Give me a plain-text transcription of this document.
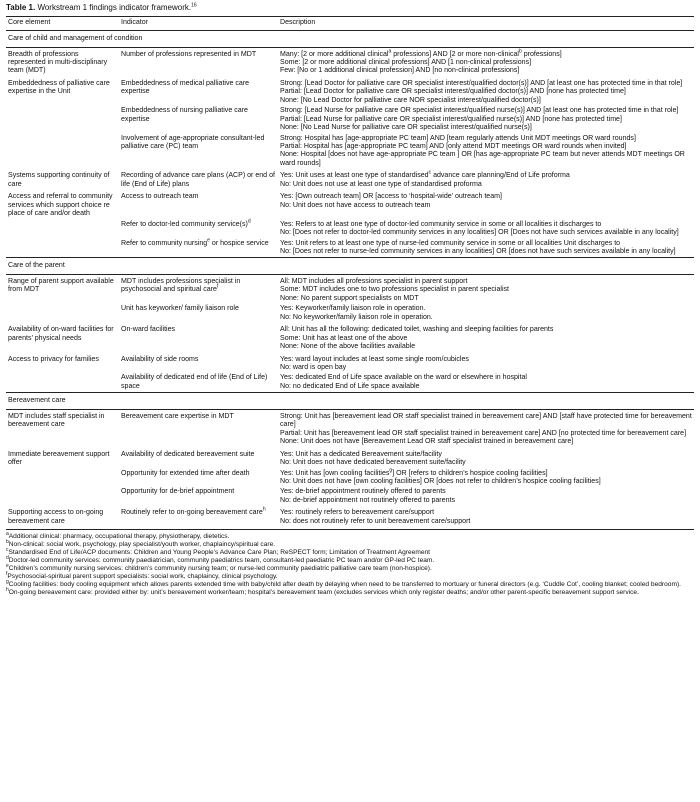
Table 1. Workstream 1 findings indicator framework.$^{16}$
Core element	Indicator	Description
Care of child and management of condition		
Breadth of professions represented in multi-disciplinary team (MDT)	Number of professions represented in MDT	Many: [2 or more additional clinical$^a$ professions] AND [2 or more non-clinical$^b$ professions]
Some: [2 or more additional clinical professions] AND [1 non-clinical professions]
Few: [No or 1 additional clinical profession] AND [no non-clinical professions]

Embeddedness of palliative care expertise in the Unit	Embeddedness of medical palliative care expertise	Strong: [Lead Doctor for palliative care OR specialist interest/qualified doctor(s)] AND [at least one has protected time in that role]
Partial: [Lead Doctor for palliative care OR specialist interest/qualified doctor(s)] AND [none has protected time]
None: [No Lead Doctor for palliative care NOR specialist interest/qualified doctor(s)]

	Embeddedness of nursing palliative care expertise	Strong: [Lead Nurse for palliative care OR specialist interest/qualified nurse(s)] AND [at least one has protected time in that role]
Partial: [Lead Nurse for palliative care OR specialist interest/qualified nurse(s)] AND [none has protected time]
None: [No Lead Nurse for palliative care OR specialist interest/qualified nurse(s)]

	Involvement of age-appropriate consultant-led palliative care (PC) team	Strong: Hospital has [age-appropriate PC team] AND [team regularly attends Unit MDT meetings OR ward rounds]
Partial: Hospital has [age-appropriate PC team] AND [only attend MDT meetings OR ward rounds when invited]
None: Hospital [does not have age-appropriate PC team ] OR [has age-appropriate PC team but never attends MDT meetings OR ward rounds]

Systems supporting continuity of care	Recording of advance care plans (ACP) or end of life (End of Life) plans	Yes: Unit uses at least one type of standardised$^c$ advance care planning/End of Life proforma
No: Unit does not use at least one type of standardised proforma

Access and referral to community services which support choice re place of care and/or death	Access to outreach team	Yes: [Own outreach team] OR [access to ‘hospital-wide’ outreach team]
No: Unit does not have access to outreach team

	Refer to doctor-led community $service(s)^d$	Yes: Refers to at least one type of doctor-led community service in some or all localities it discharges to
No: [Does not refer to doctor-led community services in any localities] OR [Does not have such services available in any locality]

	Refer to community nursing$^e$ or hospice service	Yes: Unit refers to at least one type of nurse-led community service in some or all localities Unit discharges to
No: [Does not refer to nurse-led community services in any localities] OR [does not have such services available in any locality]

Care of the parent		
Range of parent support available from MDT	MDT includes professions specialist in psychosocial and spiritual care$^f$	All: MDT includes all professions specialist in parent support
Some: MDT includes one to two professions specialist in parent specialist
None: No parent support specialists on MDT

	Unit has keyworker/ family liaison role	Yes: Keyworker/family liaison role in operation.
No: No keyworker/family liaison role in operation.

Availability of on-ward facilities for parents’ physical needs	On-ward facilities	All: Unit has all the following: dedicated toilet, washing and sleeping facilities for parents
Some: Unit has at least one of the above
None: None of the above facilities available

Access to privacy for families	Availability of side rooms	Yes: ward layout includes at least some single room/cubicles
No: ward is open bay

	Availability of dedicated end of life (End of Life) space	Yes: dedicated End of Life space available on the ward or elsewhere in hospital
No: no dedicated End of Life space available

Bereavement care		
MDT includes staff specialist in bereavement care	Bereavement care expertise in MDT	Strong: Unit has [bereavement lead OR staff specialist trained in bereavement care] AND [staff have protected time for bereavement care]
Partial: Unit has [bereavement lead OR staff specialist trained in bereavement care] AND [no protected time for bereavement care]
None: Unit does not have [Bereavement Lead OR staff specialist trained in bereavement care]

Immediate bereavement support offer	Availability of dedicated bereavement suite	Yes: Unit has a dedicated Bereavement suite/facility
No: Unit does not have dedicated bereavement suite/facility

	Opportunity for extended time after death	Yes: Unit has [own cooling facilities$^g$] OR [refers to children’s hospice cooling facilities]
No: Unit does not have [own cooling facilities] OR [does not refer to children’s hospice cooling facilities]

	Opportunity for de-brief appointment	Yes: de-brief appointment routinely offered to parents
No: de-brief appointment not routinely offered to parents

Supporting access to on-going bereavement care	Routinely refer to on-going bereavement care$^h$	Yes: routinely refers to bereavement care/support
No: does not routinely refer to unit bereavement care/support
$^a$Additional clinical: pharmacy, occupational therapy, physiotherapy, dietetics.
$^b$Non-clinical: social work, psychology, play specialist/youth worker, chaplaincy/spiritual care.
$^c$Standardised End of Life/ACP documents: Children and Young People’s Advance Care Plan; ReSPECT form; Limitation of Treatment Agreement
$^d$Doctor-led community services: community paediatrician, community paediatrics team, consultant-led paediatric PC team and/or GP-led PC team.
$^e$Children’s community nursing services: children’s community nursing team; or nurse-led community paediatric palliative care team (non-hospice).
$^f$Psychosocial-spiritual parent support specialists: social work, chaplaincy, clinical psychology.
$^g$Cooling facilities: body cooling equipment which allows parents extended time with baby/child after death by delaying when need to be transferred to mortuary or funeral directors (e.g. ‘Cuddle Cot’, cooling blanket; cooled bedroom).
$^h$On-going bereavement care: provided either by: unit’s bereavement worker/team; hospital’s bereavement team (excludes services which only register deaths; and/or other parent-specific bereavement support service.
